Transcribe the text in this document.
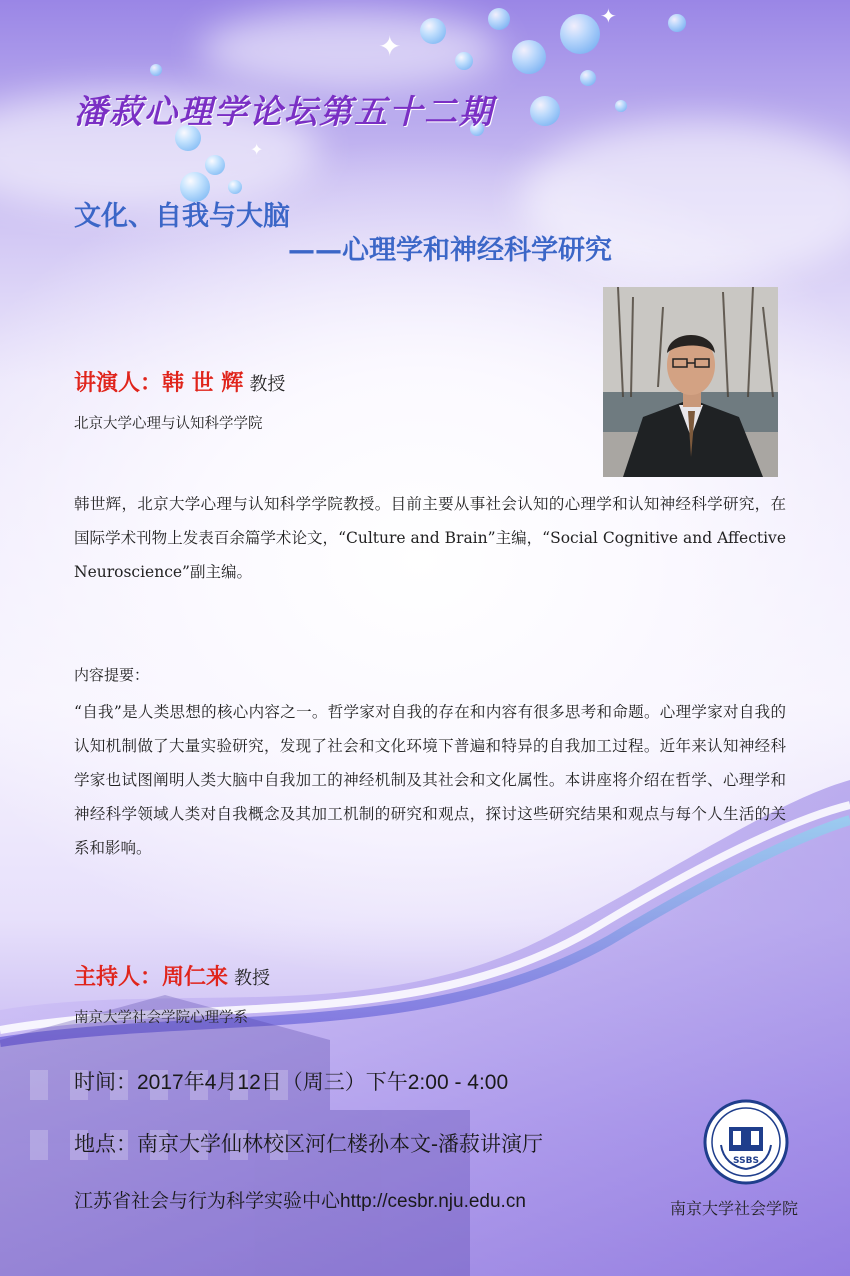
✦
✦
✦
潘菽心理学论坛第五十二期
文化、自我与大脑
——心理学和神经科学研究
讲演人：韩 世 辉 教授
北京大学心理与认知科学学院
韩世辉，北京大学心理与认知科学学院教授。目前主要从事社会认知的心理学和认知神经科学研究，在国际学术刊物上发表百余篇学术论文，“Culture and Brain”主编，“Social Cognitive and Affective Neuroscience”副主编。
内容提要：
“自我”是人类思想的核心内容之一。哲学家对自我的存在和内容有很多思考和命题。心理学家对自我的认知机制做了大量实验研究，发现了社会和文化环境下普遍和特异的自我加工过程。近年来认知神经科学家也试图阐明人类大脑中自我加工的神经机制及其社会和文化属性。本讲座将介绍在哲学、心理学和神经科学领域人类对自我概念及其加工机制的研究和观点，探讨这些研究结果和观点与每个人生活的关系和影响。
主持人：周仁来 教授
南京大学社会学院心理学系
时间：2017年4月12日（周三）下午2:00 - 4:00
地点：南京大学仙林校区河仁楼孙本文-潘菽讲演厅
江苏省社会与行为科学实验中心http://cesbr.nju.edu.cn
SSBS
南京大学社会学院
